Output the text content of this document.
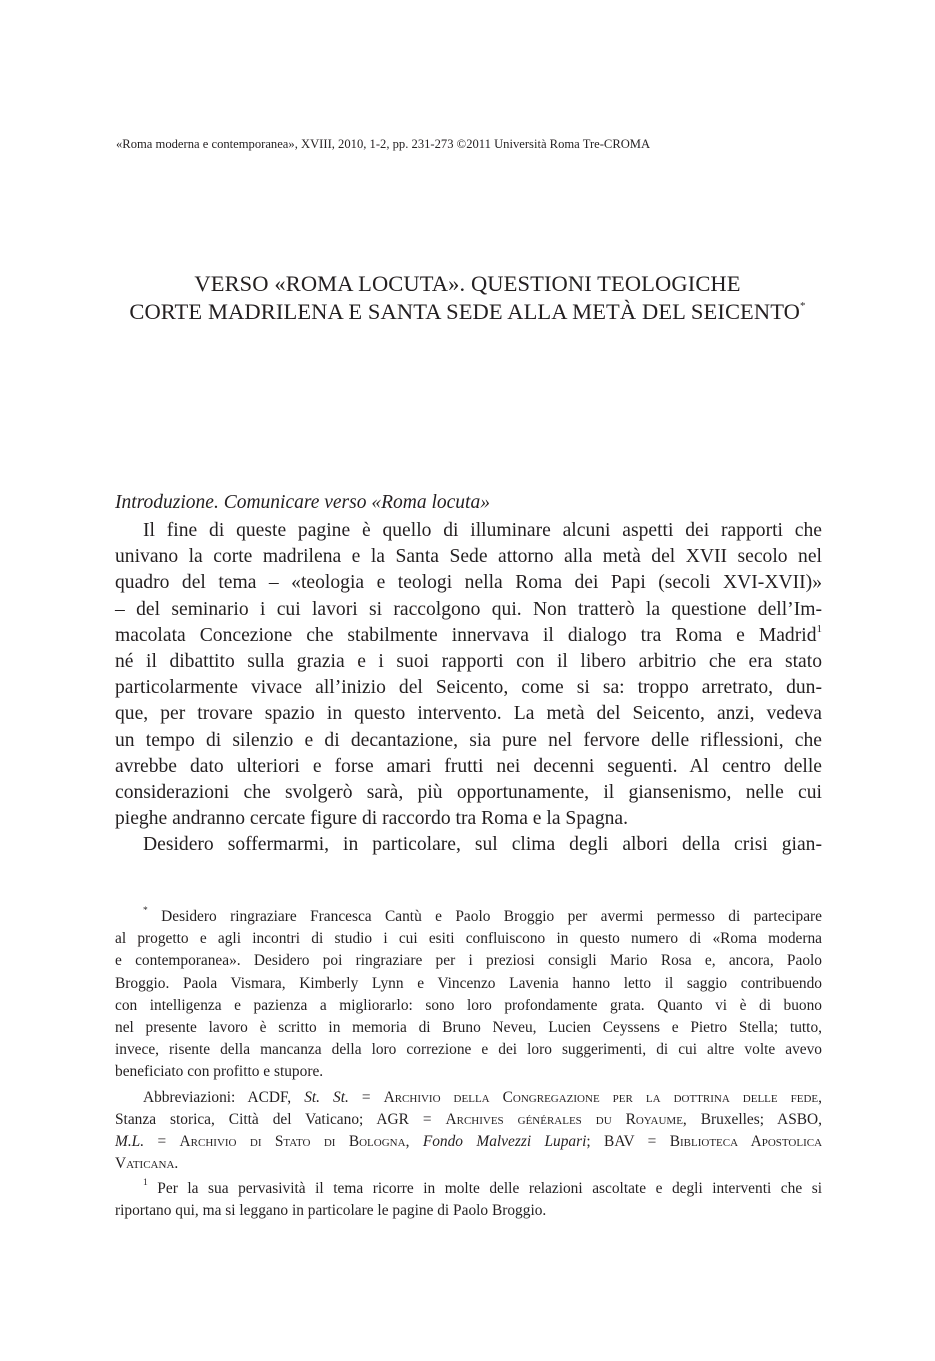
«Roma moderna e contemporanea», XVIII, 2010, 1-2, pp. 231-273 ©2011 Università Roma Tre-CROMA
VERSO «ROMA LOCUTA». QUESTIONI TEOLOGICHE
CORTE MADRILENA E SANTA SEDE ALLA METÀ DEL SEICENTO*
Introduzione. Comunicare verso «Roma locuta»
Il fine di queste pagine è quello di illuminare alcuni aspetti dei rapporti che
univano la corte madrilena e la Santa Sede attorno alla metà del XVII secolo nel
quadro del tema – «teologia e teologi nella Roma dei Papi (secoli XVI-XVII)»
– del seminario i cui lavori si raccolgono qui. Non tratterò la questione dell’Im-
macolata Concezione che stabilmente innervava il dialogo tra Roma e Madrid$^1$
né il dibattito sulla grazia e i suoi rapporti con il libero arbitrio che era stato
particolarmente vivace all’inizio del Seicento, come si sa: troppo arretrato, dun-
que, per trovare spazio in questo intervento. La metà del Seicento, anzi, vedeva
un tempo di silenzio e di decantazione, sia pure nel fervore delle riflessioni, che
avrebbe dato ulteriori e forse amari frutti nei decenni seguenti. Al centro delle
considerazioni che svolgerò sarà, più opportunamente, il giansenismo, nelle cui
pieghe andranno cercate figure di raccordo tra Roma e la Spagna.
Desidero soffermarmi, in particolare, sul clima degli albori della crisi gian-
* Desidero ringraziare Francesca Cantù e Paolo Broggio per avermi permesso di partecipare
al progetto e agli incontri di studio i cui esiti confluiscono in questo numero di «Roma moderna
e contemporanea». Desidero poi ringraziare per i preziosi consigli Mario Rosa e, ancora, Paolo
Broggio. Paola Vismara, Kimberly Lynn e Vincenzo Lavenia hanno letto il saggio contribuendo
con intelligenza e pazienza a migliorarlo: sono loro profondamente grata. Quanto vi è di buono
nel presente lavoro è scritto in memoria di Bruno Neveu, Lucien Ceyssens e Pietro Stella; tutto,
invece, risente della mancanza della loro correzione e dei loro suggerimenti, di cui altre volte avevo
beneficiato con profitto e stupore.
Abbreviazioni: ACDF, St. St. = Archivio della Congregazione per la dottrina delle fede,
Stanza storica, Città del Vaticano; AGR = Archives générales du Royaume, Bruxelles; ASBO,
M.L. = Archivio di Stato di Bologna, Fondo Malvezzi Lupari; BAV = Biblioteca Apostolica
Vaticana.
$^1$ Per la sua pervasività il tema ricorre in molte delle relazioni ascoltate e degli interventi che si
riportano qui, ma si leggano in particolare le pagine di Paolo Broggio.
